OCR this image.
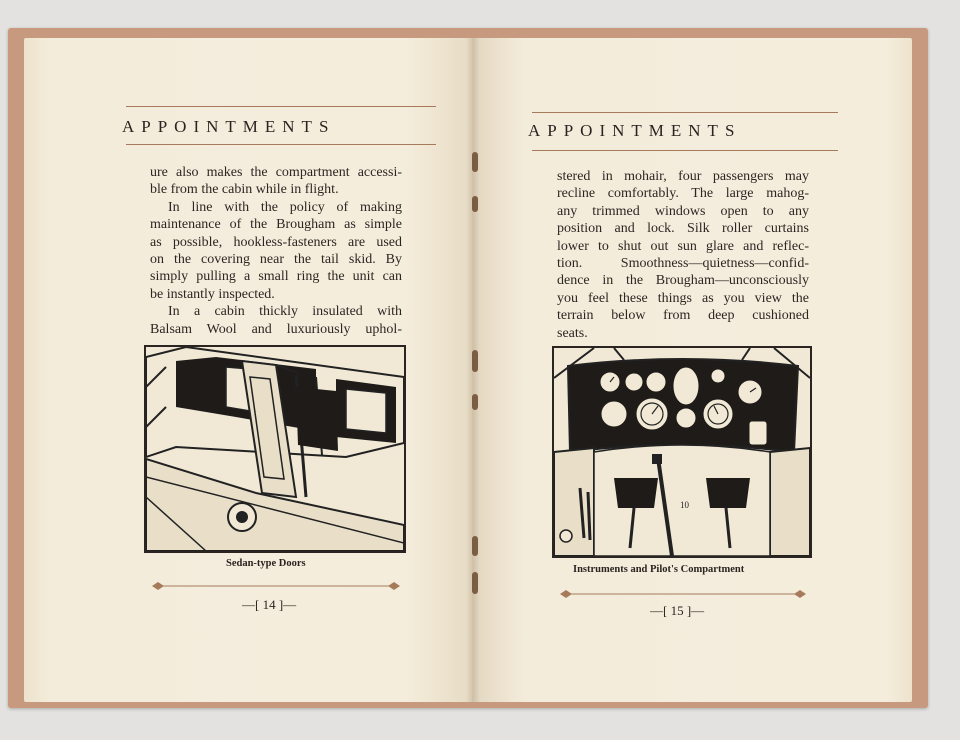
APPOINTMENTS
ure also makes the compartment accessi-
ble from the cabin while in flight.
In line with the policy of making
maintenance of the Brougham as simple
as possible, hookless-fasteners are used
on the covering near the tail skid. By
simply pulling a small ring the unit can
be instantly inspected.
In a cabin thickly insulated with
Balsam Wool and luxuriously uphol-
Sedan-type Doors
—[ 14 ]—
APPOINTMENTS
stered in mohair, four passengers may
recline comfortably. The large mahog-
any trimmed windows open to any
position and lock. Silk roller curtains
lower to shut out sun glare and reflec-
tion. Smoothness—quietness—confid-
dence in the Brougham—unconsciously
you feel these things as you view the
terrain below from deep cushioned
seats.
10
Instruments and Pilot's Compartment
—[ 15 ]—
